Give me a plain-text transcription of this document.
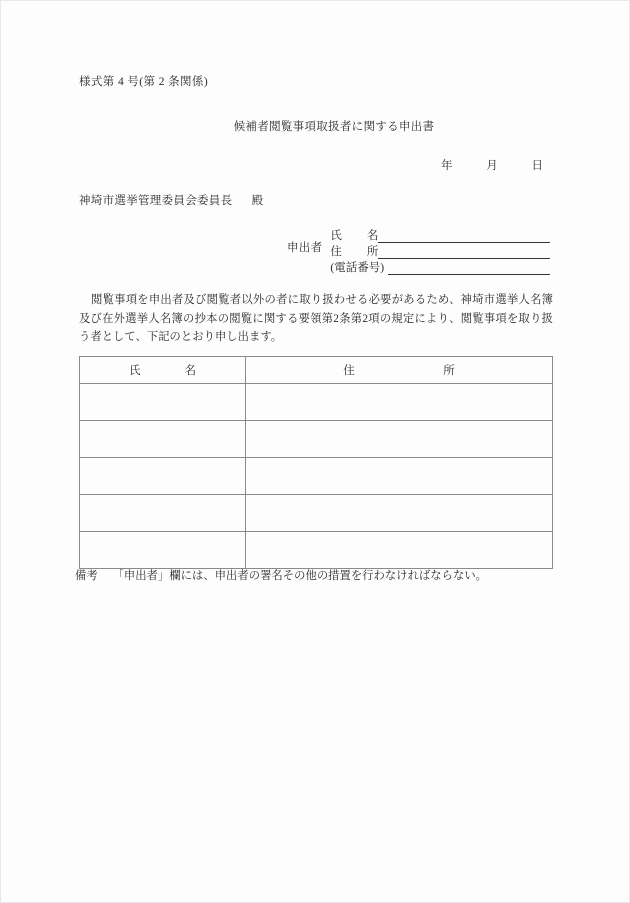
様式第 4 号(第 2 条関係)
候補者閲覧事項取扱者に関する申出書
年	月	日
神埼市選挙管理委員会委員長 殿
申出者
氏 名
住 所
(電話番号)
閲覧事項を申出者及び閲覧者以外の者に取り扱わせる必要があるため、神埼市選挙人名簿及び在外選挙人名簿の抄本の閲覧に関する要領第2条第2項の規定により、閲覧事項を取り扱う者として、下記のとおり申し出ます。
氏 名	住 所

備考 「申出者」欄には、申出者の署名その他の措置を行わなければならない。
